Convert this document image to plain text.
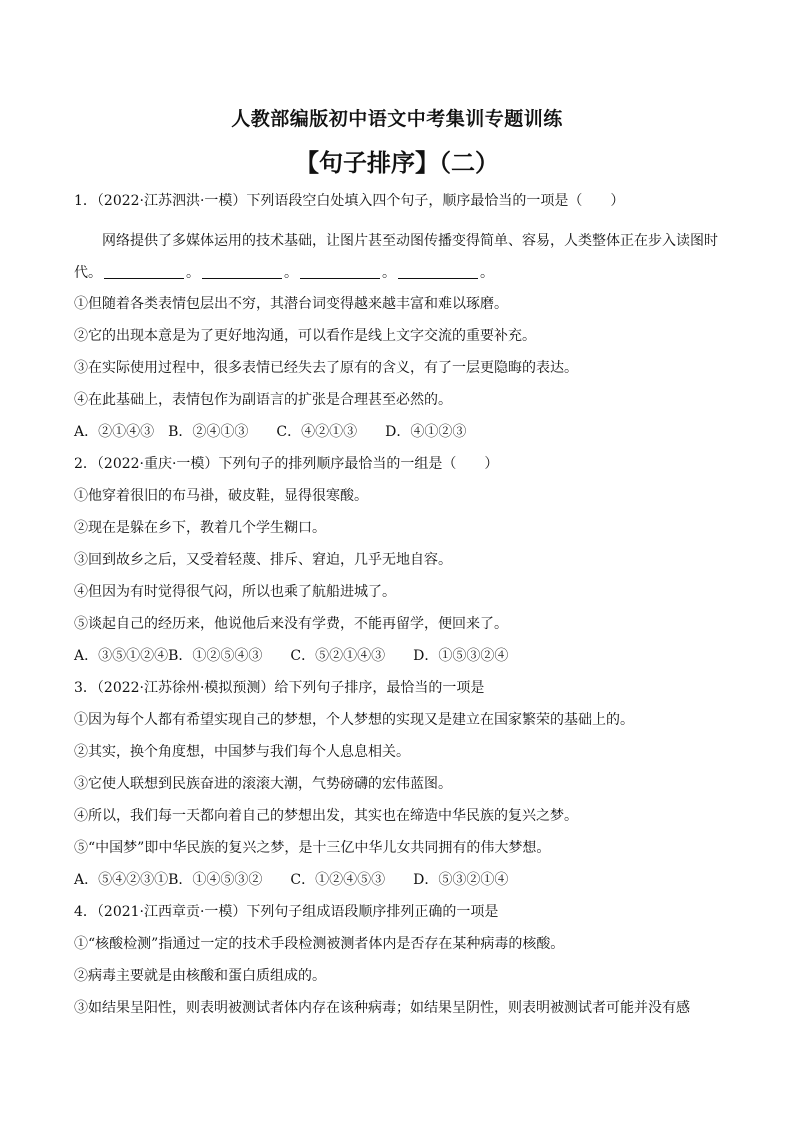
人教部编版初中语文中考集训专题训练
【句子排序】（二）
1．（2022·江苏泗洪·一模）下列语段空白处填入四个句子，顺序最恰当的一项是（　　）
网络提供了多媒体运用的技术基础，让图片甚至动图传播变得简单、容易，人类整体正在步入读图时
代。	。	。	。	。
①但随着各类表情包层出不穷，其潜台词变得越来越丰富和难以琢磨。
②它的出现本意是为了更好地沟通，可以看作是线上文字交流的重要补充。
③在实际使用过程中，很多表情已经失去了原有的含义，有了一层更隐晦的表达。
④在此基础上，表情包作为副语言的扩张是合理甚至必然的。
A．②①④③　B．②④①③　　C．④②①③　　D．④①②③
2．（2022·重庆·一模）下列句子的排列顺序最恰当的一组是（　　）
①他穿着很旧的布马褂，破皮鞋，显得很寒酸。
②现在是躲在乡下，教着几个学生糊口。
③回到故乡之后，又受着轻蔑、排斥、窘迫，几乎无地自容。
④但因为有时觉得很气闷，所以也乘了航船进城了。
⑤谈起自己的经历来，他说他后来没有学费，不能再留学，便回来了。
A．③⑤①②④B．①②⑤④③　　C．⑤②①④③　　D．①⑤③②④
3．（2022·江苏徐州·模拟预测）给下列句子排序，最恰当的一项是
①因为每个人都有希望实现自己的梦想，个人梦想的实现又是建立在国家繁荣的基础上的。
②其实，换个角度想，中国梦与我们每个人息息相关。
③它使人联想到民族奋进的滚滚大潮，气势磅礴的宏伟蓝图。
④所以，我们每一天都向着自己的梦想出发，其实也在缔造中华民族的复兴之梦。
⑤“中国梦”即中华民族的复兴之梦，是十三亿中华儿女共同拥有的伟大梦想。
A．⑤④②③①B．①④⑤③②　　C．①②④⑤③　　D．⑤③②①④
4．（2021·江西章贡·一模）下列句子组成语段顺序排列正确的一项是
①“核酸检测”指通过一定的技术手段检测被测者体内是否存在某种病毒的核酸。
②病毒主要就是由核酸和蛋白质组成的。
③如结果呈阳性，则表明被测试者体内存在该种病毒；如结果呈阴性，则表明被测试者可能并没有感
